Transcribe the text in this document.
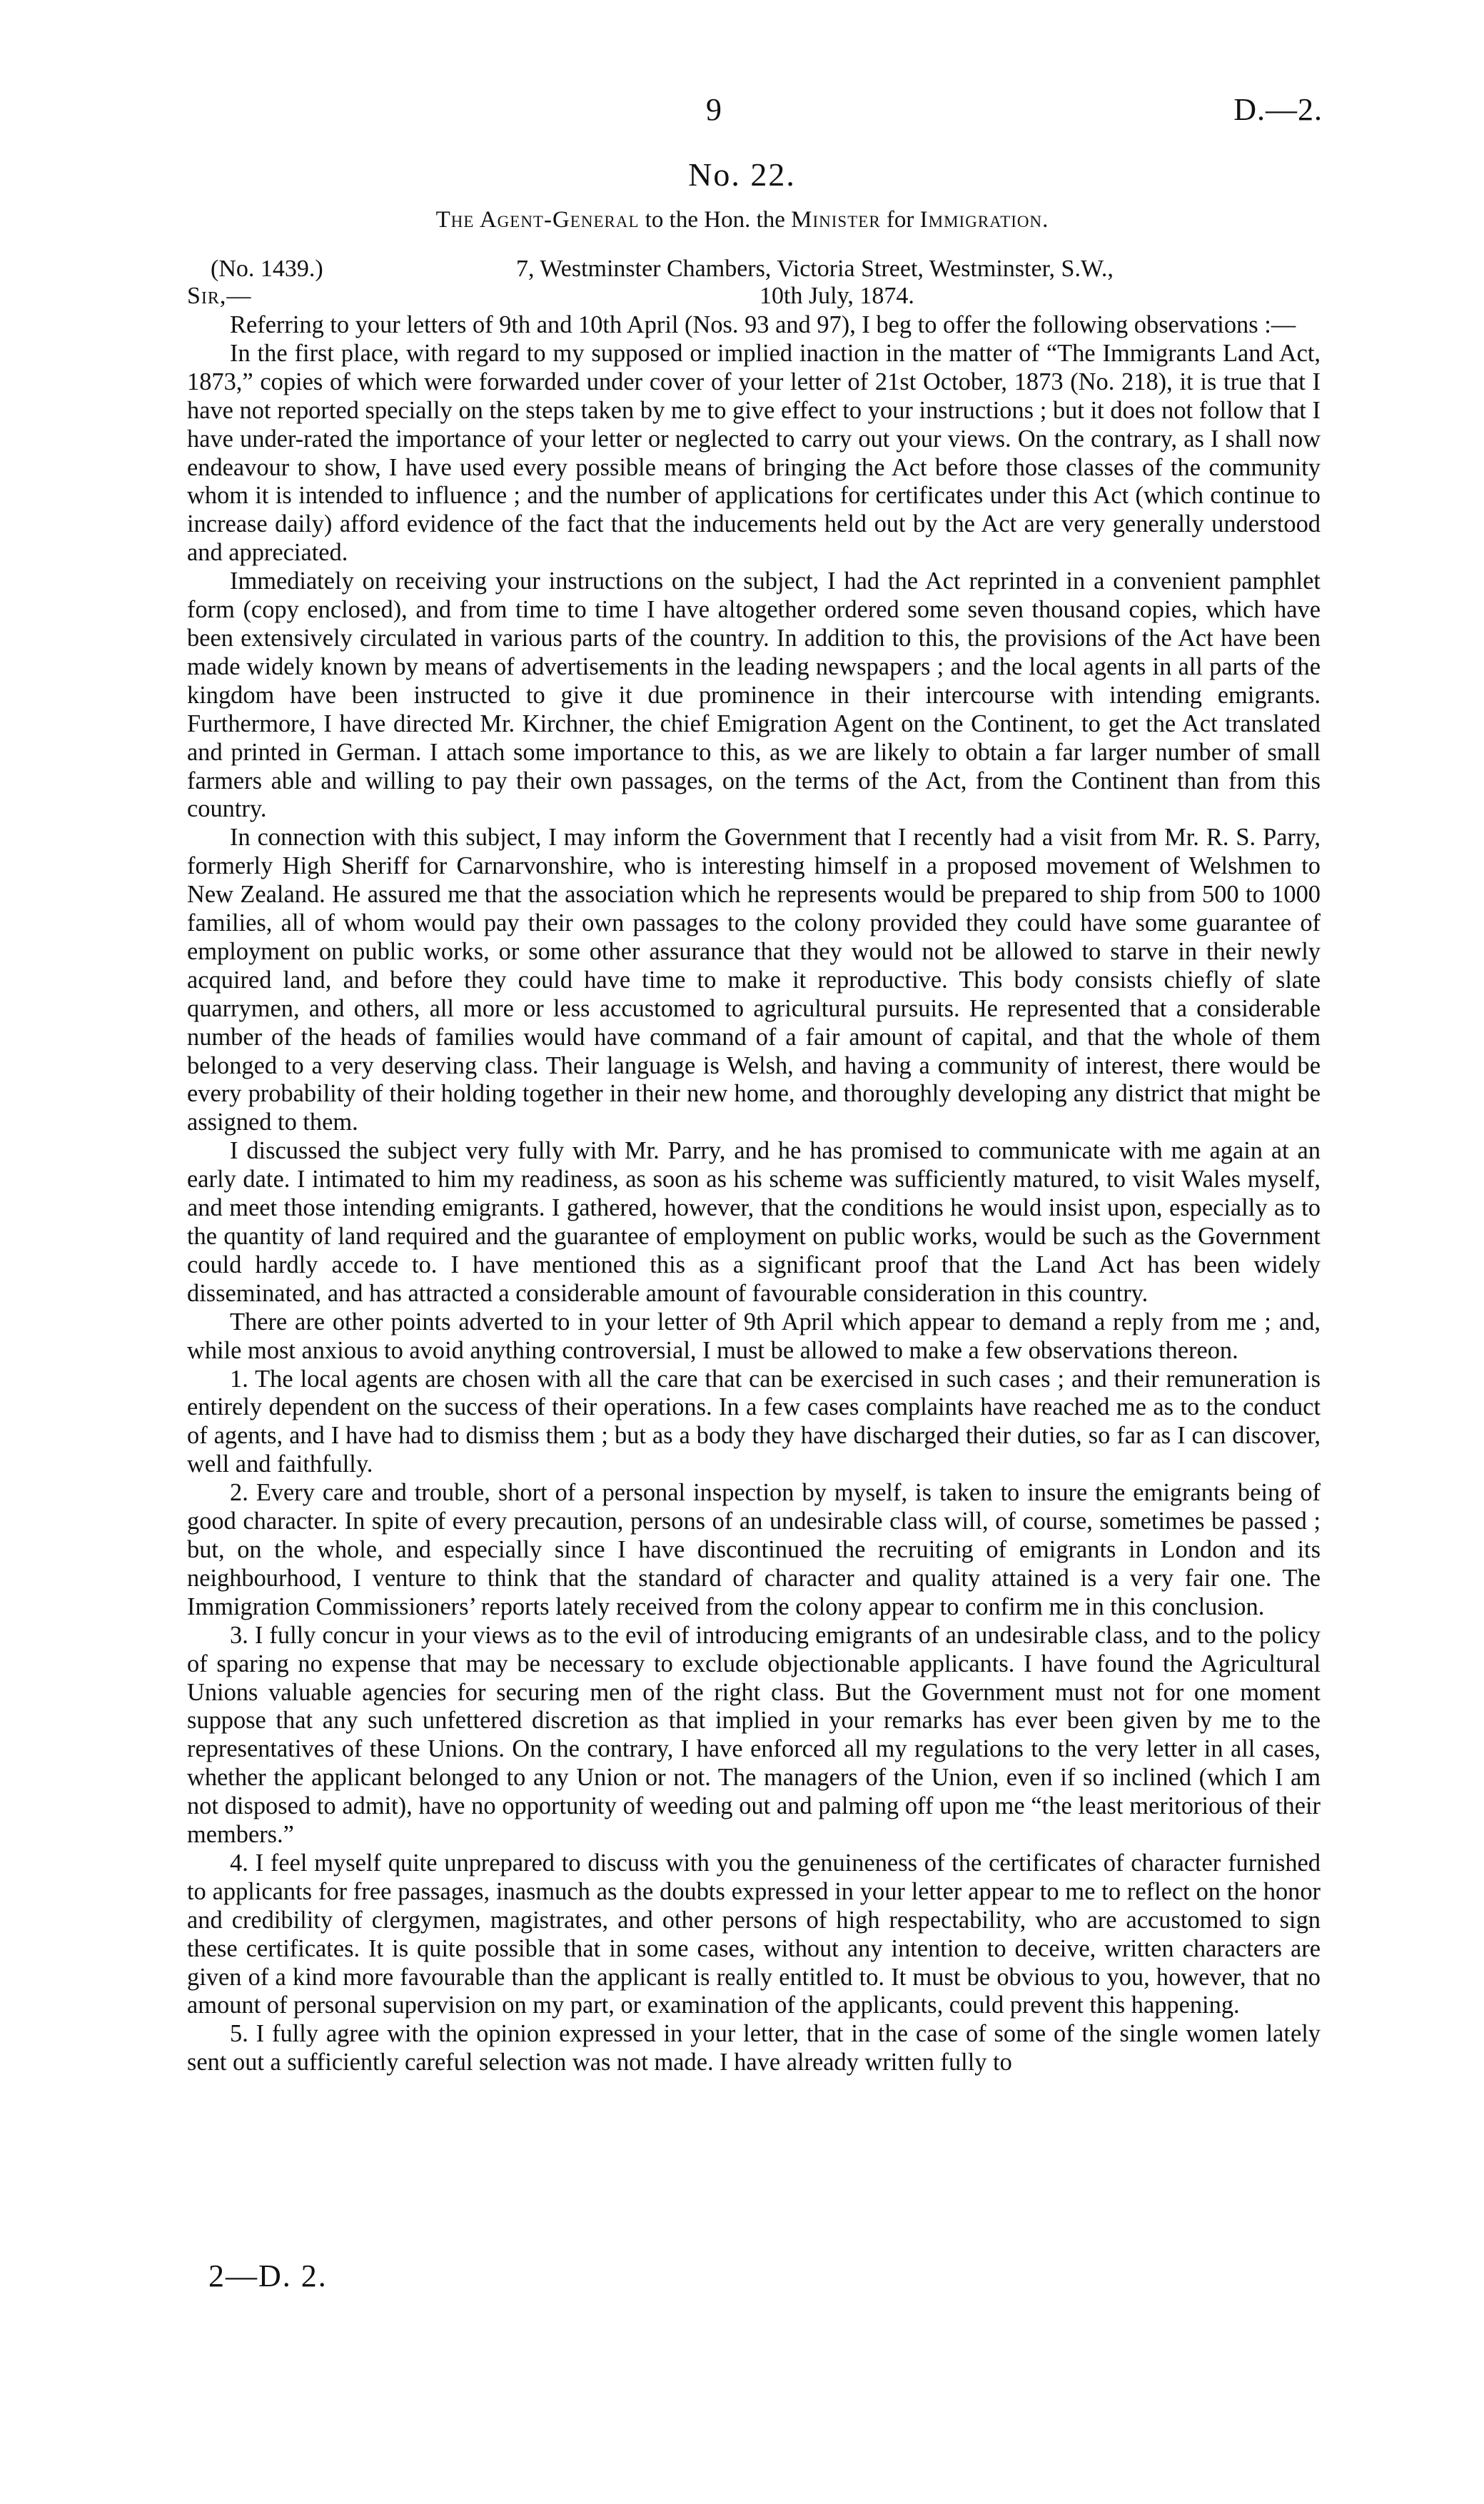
9	D.—2.
No. 22.
The Agent-General to the Hon. the Minister for Immigration.
(No. 1439.)	7, Westminster Chambers, Victoria Street, Westminster, S.W.,
Sir,—	10th July, 1874.

Referring to your letters of 9th and 10th April (Nos. 93 and 97), I beg to offer the following observations :—

In the first place, with regard to my supposed or implied inaction in the matter of “The Immigrants Land Act, 1873,” copies of which were forwarded under cover of your letter of 21st October, 1873 (No. 218), it is true that I have not reported specially on the steps taken by me to give effect to your instructions ; but it does not follow that I have under-rated the importance of your letter or neglected to carry out your views. On the contrary, as I shall now endeavour to show, I have used every possible means of bringing the Act before those classes of the community whom it is intended to influence ; and the number of applications for certificates under this Act (which continue to increase daily) afford evidence of the fact that the inducements held out by the Act are very generally understood and appreciated.

Immediately on receiving your instructions on the subject, I had the Act reprinted in a convenient pamphlet form (copy enclosed), and from time to time I have altogether ordered some seven thousand copies, which have been extensively circulated in various parts of the country. In addition to this, the provisions of the Act have been made widely known by means of advertisements in the leading newspapers ; and the local agents in all parts of the kingdom have been instructed to give it due prominence in their intercourse with intending emigrants. Furthermore, I have directed Mr. Kirchner, the chief Emigration Agent on the Continent, to get the Act translated and printed in German. I attach some importance to this, as we are likely to obtain a far larger number of small farmers able and willing to pay their own passages, on the terms of the Act, from the Continent than from this country.

In connection with this subject, I may inform the Government that I recently had a visit from Mr. R. S. Parry, formerly High Sheriff for Carnarvonshire, who is interesting himself in a proposed movement of Welshmen to New Zealand. He assured me that the association which he represents would be prepared to ship from 500 to 1000 families, all of whom would pay their own passages to the colony provided they could have some guarantee of employment on public works, or some other assurance that they would not be allowed to starve in their newly acquired land, and before they could have time to make it reproductive. This body consists chiefly of slate quarrymen, and others, all more or less accustomed to agricultural pursuits. He represented that a considerable number of the heads of families would have command of a fair amount of capital, and that the whole of them belonged to a very deserving class. Their language is Welsh, and having a community of interest, there would be every probability of their holding together in their new home, and thoroughly developing any district that might be assigned to them.

I discussed the subject very fully with Mr. Parry, and he has promised to communicate with me again at an early date. I intimated to him my readiness, as soon as his scheme was sufficiently matured, to visit Wales myself, and meet those intending emigrants. I gathered, however, that the conditions he would insist upon, especially as to the quantity of land required and the guarantee of employment on public works, would be such as the Government could hardly accede to. I have mentioned this as a significant proof that the Land Act has been widely disseminated, and has attracted a considerable amount of favourable consideration in this country.

There are other points adverted to in your letter of 9th April which appear to demand a reply from me ; and, while most anxious to avoid anything controversial, I must be allowed to make a few observations thereon.

1. The local agents are chosen with all the care that can be exercised in such cases ; and their remuneration is entirely dependent on the success of their operations. In a few cases complaints have reached me as to the conduct of agents, and I have had to dismiss them ; but as a body they have discharged their duties, so far as I can discover, well and faithfully.

2. Every care and trouble, short of a personal inspection by myself, is taken to insure the emigrants being of good character. In spite of every precaution, persons of an undesirable class will, of course, sometimes be passed ; but, on the whole, and especially since I have discontinued the recruiting of emigrants in London and its neighbourhood, I venture to think that the standard of character and quality attained is a very fair one. The Immigration Commissioners’ reports lately received from the colony appear to confirm me in this conclusion.

3. I fully concur in your views as to the evil of introducing emigrants of an undesirable class, and to the policy of sparing no expense that may be necessary to exclude objectionable applicants. I have found the Agricultural Unions valuable agencies for securing men of the right class. But the Government must not for one moment suppose that any such unfettered discretion as that implied in your remarks has ever been given by me to the representatives of these Unions. On the contrary, I have enforced all my regulations to the very letter in all cases, whether the applicant belonged to any Union or not. The managers of the Union, even if so inclined (which I am not disposed to admit), have no opportunity of weeding out and palming off upon me “the least meritorious of their members.”

4. I feel myself quite unprepared to discuss with you the genuineness of the certificates of character furnished to applicants for free passages, inasmuch as the doubts expressed in your letter appear to me to reflect on the honor and credibility of clergymen, magistrates, and other persons of high respectability, who are accustomed to sign these certificates. It is quite possible that in some cases, without any intention to deceive, written characters are given of a kind more favourable than the applicant is really entitled to. It must be obvious to you, however, that no amount of personal supervision on my part, or examination of the applicants, could prevent this happening.

5. I fully agree with the opinion expressed in your letter, that in the case of some of the single women lately sent out a sufficiently careful selection was not made. I have already written fully to

2—D. 2.
